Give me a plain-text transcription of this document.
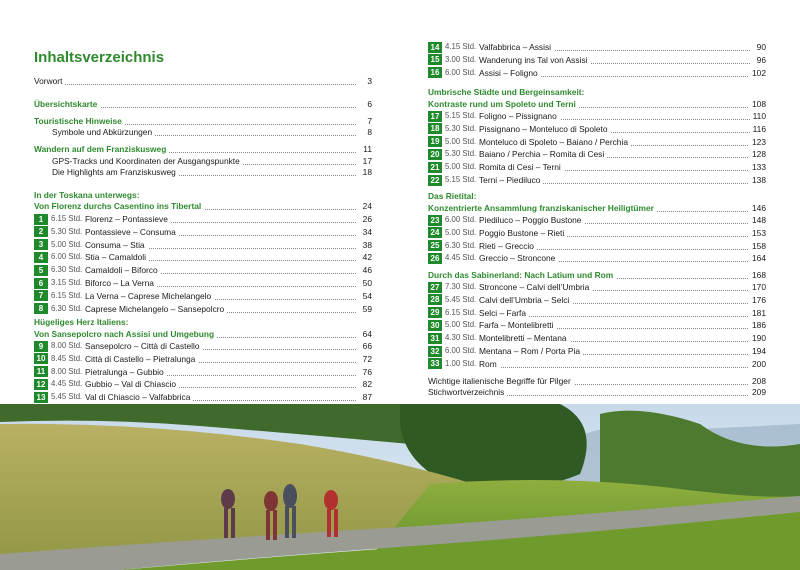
Inhaltsverzeichnis
Vorwort	3
Übersichtskarte	6
Touristische Hinweise	7
Symbole und Abkürzungen	8
Wandern auf dem Franziskusweg	11
GPS-Tracks und Koordinaten der Ausgangspunkte	17
Die Highlights am Franziskusweg	18
In der Toskana unterwegs:
Von Florenz durchs Casentino ins Tibertal	24
1 6.15 Std. Florenz – Pontassieve	26
2 5.30 Std. Pontassieve – Consuma	34
3 5.00 Std. Consuma – Stia	38
4 6.00 Std. Stia – Camaldoli	42
5 6.30 Std. Camaldoli – Biforco	46
6 3.15 Std. Biforco – La Verna	50
7 6.15 Std. La Verna – Caprese Michelangelo	54
8 6.30 Std. Caprese Michelangelo – Sansepolcro	59
Hügeliges Herz Italiens:
Von Sansepolcro nach Assisi und Umgebung	64
9 8.00 Std. Sansepolcro – Città di Castello	66
10 8.45 Std. Città di Castello – Pietralunga	72
11 8.00 Std. Pietralunga – Gubbio	76
12 4.45 Std. Gubbio – Val di Chiascio	82
13 5.45 Std. Val di Chiascio – Valfabbrica	87
14 4.15 Std. Valfabbrica – Assisi	90
15 3.00 Std. Wanderung ins Tal von Assisi	96
16 6.00 Std. Assisi – Foligno	102
Umbrische Städte und Bergeinsamkeit:
Kontraste rund um Spoleto und Terni	108
17 5.15 Std. Foligno – Pissignano	110
18 5.30 Std. Pissignano – Monteluco di Spoleto	116
19 5.00 Std. Monteluco di Spoleto – Baiano / Perchia	123
20 5.30 Std. Baiano / Perchia – Romita di Cesi	128
21 5.00 Std. Romita di Cesi – Terni	133
22 5.15 Std. Terni – Piediluco	138
Das Rietital:
Konzentrierte Ansammlung franziskanischer Heiligtümer	146
23 6.00 Std. Piediluco – Poggio Bustone	148
24 5.00 Std. Poggio Bustone – Rieti	153
25 6.30 Std. Rieti – Greccio	158
26 4.45 Std. Greccio – Stroncone	164
Durch das Sabinerland: Nach Latium und Rom	168
27 7.30 Std. Stroncone – Calvi dell’Umbria	170
28 5.45 Std. Calvi dell’Umbria – Selci	176
29 6.15 Std. Selci – Farfa	181
30 5.00 Std. Farfa – Montelibretti	186
31 4.30 Std. Montelibretti – Mentana	190
32 6.00 Std. Mentana – Rom / Porta Pia	194
33 1.00 Std. Rom	200
Wichtige italienische Begriffe für Pilger	208
Stichwortverzeichnis	209
